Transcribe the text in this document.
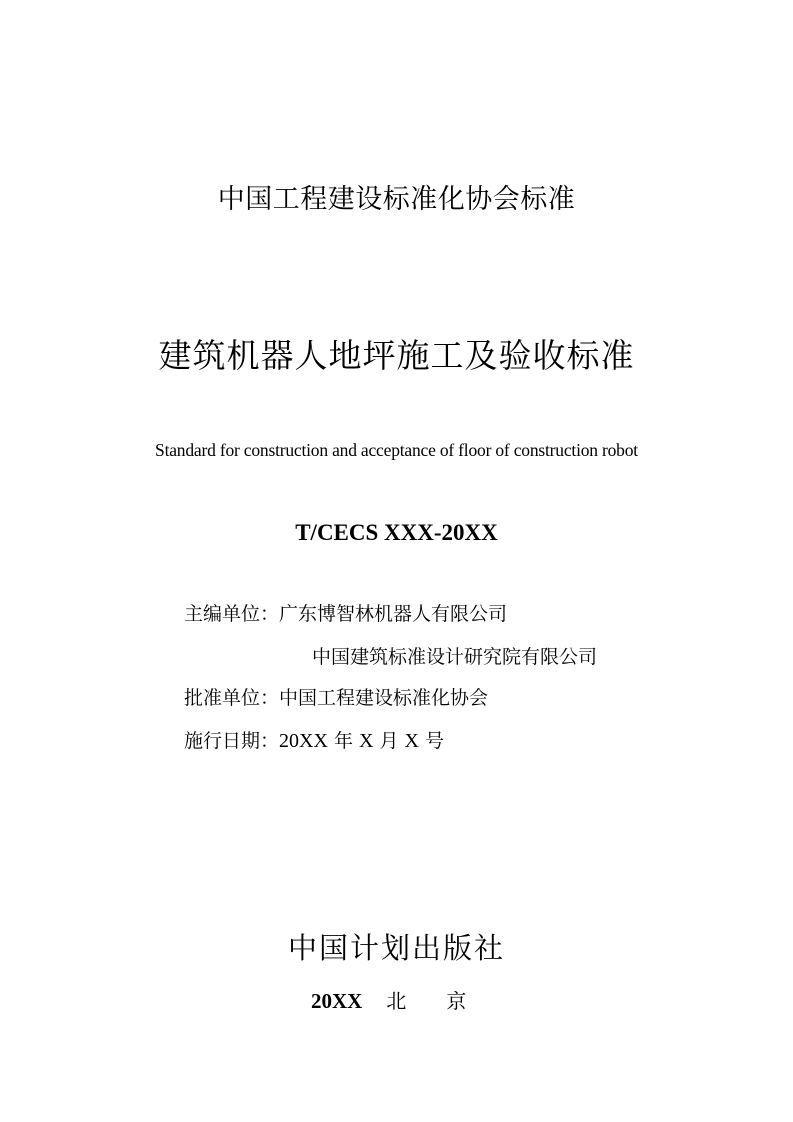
中国工程建设标准化协会标准
建筑机器人地坪施工及验收标准
Standard for construction and acceptance of floor of construction robot
T/CECS XXX-20XX
主编单位：广东博智林机器人有限公司
中国建筑标准设计研究院有限公司
批准单位：中国工程建设标准化协会
施行日期：20XX 年 X 月 X 号
中国计划出版社
20XX 北 京
